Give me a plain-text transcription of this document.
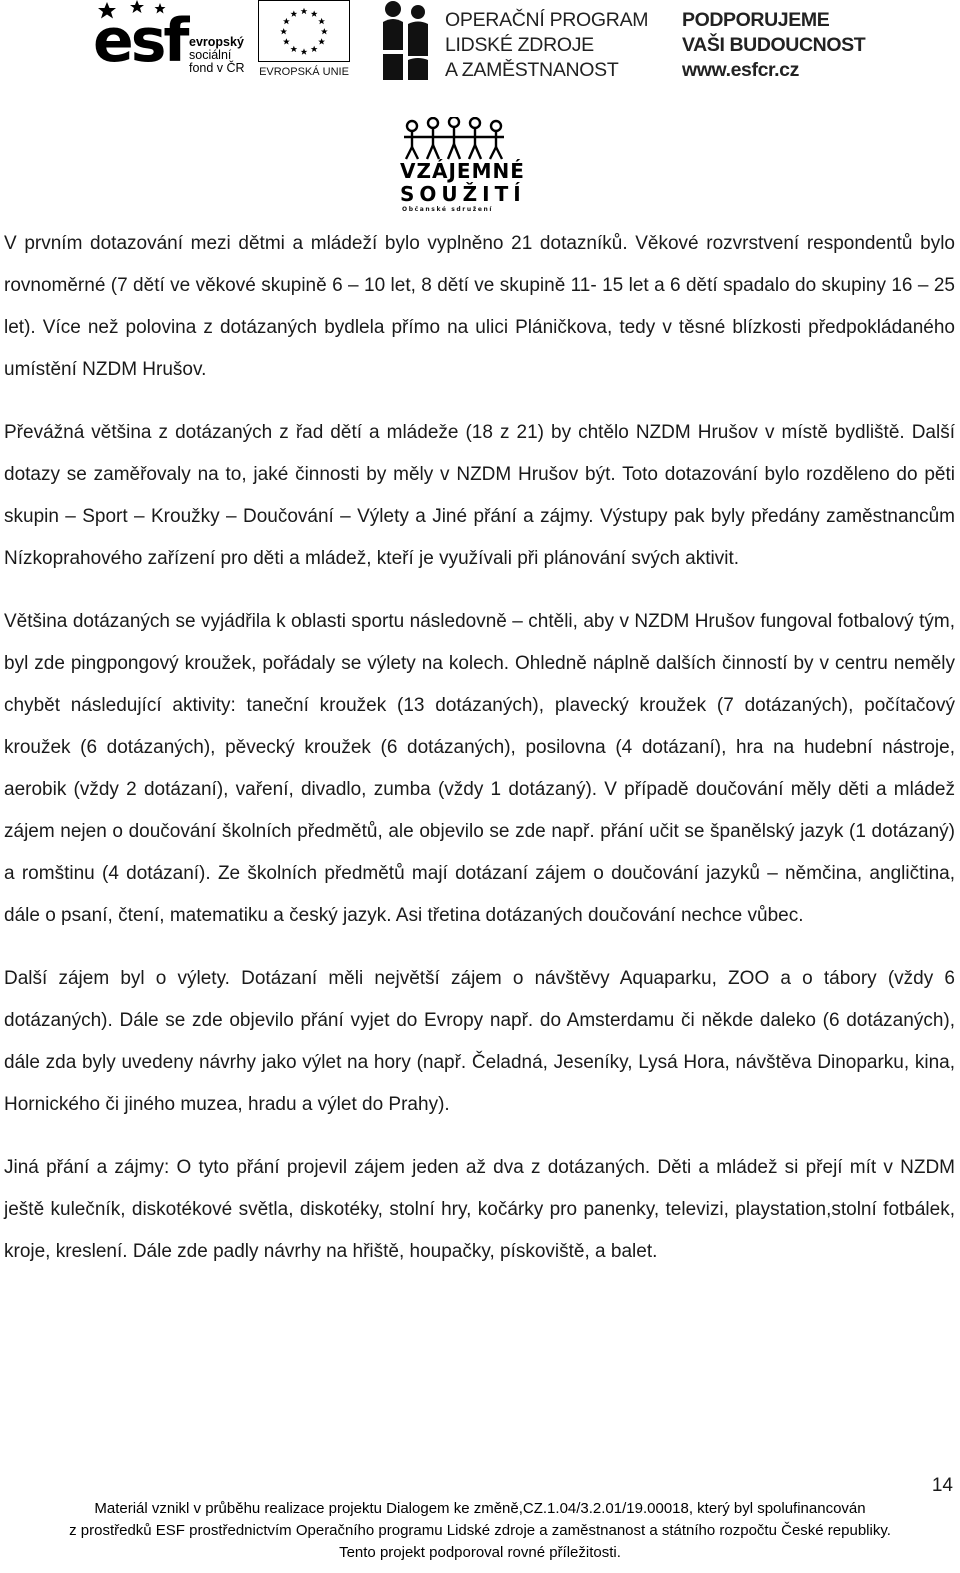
esf evropský
sociální
fond v ČR EVROPSKÁ UNIE
OPERAČNÍ PROGRAM
LIDSKÉ ZDROJE
A ZAMĚSTNANOST
PODPORUJEME
VAŠI BUDOUCNOST
www.esfcr.cz
VZÁJEMNÉ
SOUŽITÍ
Občanské sdružení

V prvním dotazování mezi dětmi a mládeží bylo vyplněno 21 dotazníků. Věkové rozvrstvení respondentů bylo rovnoměrné (7 dětí ve věkové skupině 6 – 10 let, 8 dětí ve skupině 11- 15 let a 6 dětí spadalo do skupiny 16 – 25 let). Více než polovina z dotázaných bydlela přímo na ulici Pláničkova, tedy v těsné blízkosti předpokládaného umístění NZDM Hrušov.

Převážná většina z dotázaných z řad dětí a mládeže (18 z 21) by chtělo NZDM Hrušov v místě bydliště. Další dotazy se zaměřovaly na to, jaké činnosti by měly v NZDM Hrušov být. Toto dotazování bylo rozděleno do pěti skupin – Sport – Kroužky – Doučování – Výlety a Jiné přání a zájmy. Výstupy pak byly předány zaměstnancům Nízkoprahového zařízení pro děti a mládež, kteří je využívali při plánování svých aktivit.

Většina dotázaných se vyjádřila k oblasti sportu následovně – chtěli, aby v NZDM Hrušov fungoval fotbalový tým, byl zde pingpongový kroužek, pořádaly se výlety na kolech. Ohledně náplně dalších činností by v centru neměly chybět následující aktivity: taneční kroužek (13 dotázaných), plavecký kroužek (7 dotázaných), počítačový kroužek (6 dotázaných), pěvecký kroužek (6 dotázaných), posilovna (4 dotázaní), hra na hudební nástroje, aerobik (vždy 2 dotázaní), vaření, divadlo, zumba (vždy 1 dotázaný). V případě doučování měly děti a mládež zájem nejen o doučování školních předmětů, ale objevilo se zde např. přání učit se španělský jazyk (1 dotázaný) a romštinu (4 dotázaní). Ze školních předmětů mají dotázaní zájem o doučování jazyků – němčina, angličtina, dále o psaní, čtení, matematiku a český jazyk. Asi třetina dotázaných doučování nechce vůbec.

Další zájem byl o výlety. Dotázaní měli největší zájem o návštěvy Aquaparku, ZOO a o tábory (vždy 6 dotázaných). Dále se zde objevilo přání vyjet do Evropy např. do Amsterdamu či někde daleko (6 dotázaných), dále zda byly uvedeny návrhy jako výlet na hory (např. Čeladná, Jeseníky, Lysá Hora, návštěva Dinoparku, kina, Hornického či jiného muzea, hradu a výlet do Prahy).

Jiná přání a zájmy: O tyto přání projevil zájem jeden až dva z dotázaných. Děti a mládež si přejí mít v NZDM ještě kulečník, diskotékové světla, diskotéky, stolní hry, kočárky pro panenky, televizi, playstation,stolní fotbálek, kroje, kreslení. Dále zde padly návrhy na hřiště, houpačky, pískoviště, a balet.

14
Materiál vznikl v průběhu realizace projektu Dialogem ke změně,CZ.1.04/3.2.01/19.00018, který byl spolufinancován
z prostředků ESF prostřednictvím Operačního programu Lidské zdroje a zaměstnanost a státního rozpočtu České republiky.
Tento projekt podporoval rovné příležitosti.
